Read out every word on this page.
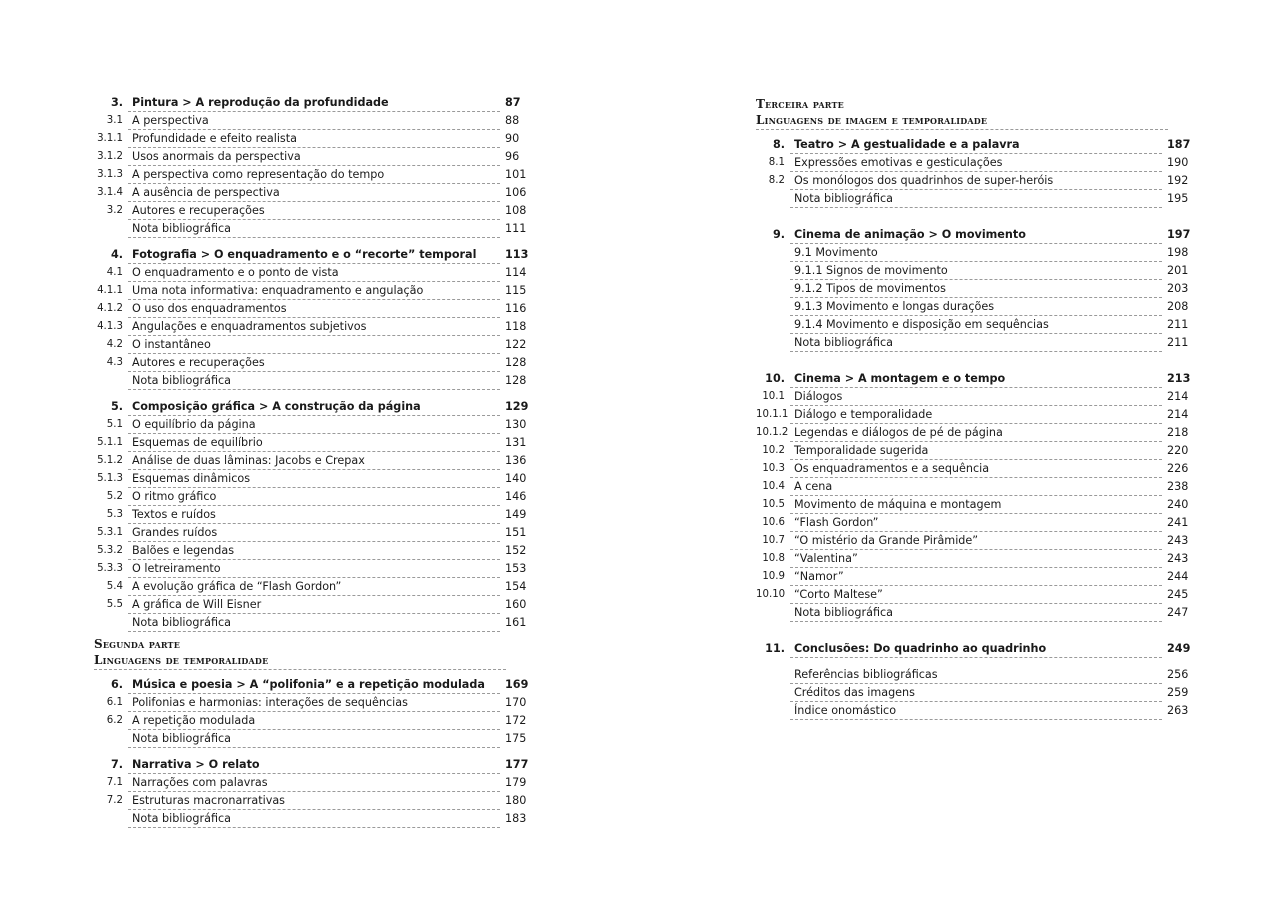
3. Pintura > A reprodução da profundidade	87
3.1 A perspectiva	88
3.1.1 Profundidade e efeito realista	90
3.1.2 Usos anormais da perspectiva	96
3.1.3 A perspectiva como representação do tempo	101
3.1.4 A ausência de perspectiva	106
3.2 Autores e recuperações	108
Nota bibliográfica	111
4. Fotografia > O enquadramento e o “recorte” temporal	113
4.1 O enquadramento e o ponto de vista	114
4.1.1 Uma nota informativa: enquadramento e angulação	115
4.1.2 O uso dos enquadramentos	116
4.1.3 Angulações e enquadramentos subjetivos	118
4.2 O instantâneo	122
4.3 Autores e recuperações	128
Nota bibliográfica	128
5. Composição gráfica > A construção da página	129
5.1 O equilíbrio da página	130
5.1.1 Esquemas de equilíbrio	131
5.1.2 Análise de duas lâminas: Jacobs e Crepax	136
5.1.3 Esquemas dinâmicos	140
5.2 O ritmo gráfico	146
5.3 Textos e ruídos	149
5.3.1 Grandes ruídos	151
5.3.2 Balões e legendas	152
5.3.3 O letreiramento	153
5.4 A evolução gráfica de “Flash Gordon”	154
5.5 A gráfica de Will Eisner	160
Nota bibliográfica	161
Segunda parte
Linguagens de temporalidade
6. Música e poesia > A “polifonia” e a repetição modulada	169
6.1 Polifonias e harmonias: interações de sequências	170
6.2 A repetição modulada	172
Nota bibliográfica	175
7. Narrativa > O relato	177
7.1 Narrações com palavras	179
7.2 Estruturas macronarrativas	180
Nota bibliográfica	183
Terceira parte
Linguagens de imagem e temporalidade
8. Teatro > A gestualidade e a palavra	187
8.1 Expressões emotivas e gesticulações	190
8.2 Os monólogos dos quadrinhos de super-heróis	192
Nota bibliográfica	195
9. Cinema de animação > O movimento	197
9.1 Movimento	198
9.1.1 Signos de movimento	201
9.1.2 Tipos de movimentos	203
9.1.3 Movimento e longas durações	208
9.1.4 Movimento e disposição em sequências	211
Nota bibliográfica	211
10. Cinema > A montagem e o tempo	213
10.1 Diálogos	214
10.1.1 Diálogo e temporalidade	214
10.1.2 Legendas e diálogos de pé de página	218
10.2 Temporalidade sugerida	220
10.3 Os enquadramentos e a sequência	226
10.4 A cena	238
10.5 Movimento de máquina e montagem	240
10.6 “Flash Gordon”	241
10.7 “O mistério da Grande Pirâmide”	243
10.8 “Valentina”	243
10.9 “Namor”	244
10.10 “Corto Maltese”	245
Nota bibliográfica	247
11. Conclusões: Do quadrinho ao quadrinho	249
Referências bibliográficas	256
Créditos das imagens	259
Índice onomástico	263
